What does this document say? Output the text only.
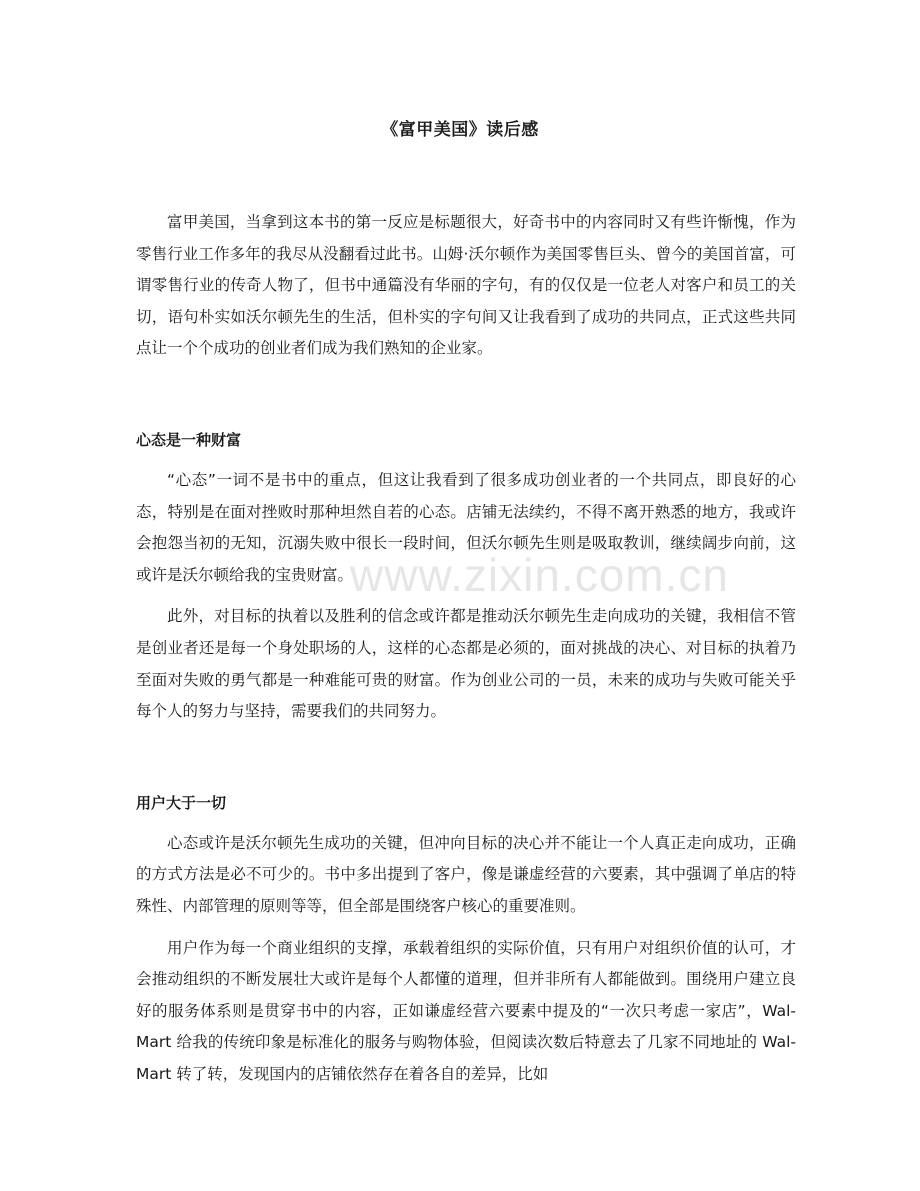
www.zixin.com.cn
《富甲美国》读后感

富甲美国，当拿到这本书的第一反应是标题很大，好奇书中的内容同时又有些许惭愧，作为零售行业工作多年的我尽从没翻看过此书。山姆·沃尔顿作为美国零售巨头、曾今的美国首富，可谓零售行业的传奇人物了，但书中通篇没有华丽的字句，有的仅仅是一位老人对客户和员工的关切，语句朴实如沃尔顿先生的生活，但朴实的字句间又让我看到了成功的共同点，正式这些共同点让一个个成功的创业者们成为我们熟知的企业家。

心态是一种财富

“心态”一词不是书中的重点，但这让我看到了很多成功创业者的一个共同点，即良好的心态，特别是在面对挫败时那种坦然自若的心态。店铺无法续约，不得不离开熟悉的地方，我或许会抱怨当初的无知，沉溺失败中很长一段时间，但沃尔顿先生则是吸取教训，继续阔步向前，这或许是沃尔顿给我的宝贵财富。

此外，对目标的执着以及胜利的信念或许都是推动沃尔顿先生走向成功的关键，我相信不管是创业者还是每一个身处职场的人，这样的心态都是必须的，面对挑战的决心、对目标的执着乃至面对失败的勇气都是一种难能可贵的财富。作为创业公司的一员，未来的成功与失败可能关乎每个人的努力与坚持，需要我们的共同努力。

用户大于一切

心态或许是沃尔顿先生成功的关键，但冲向目标的决心并不能让一个人真正走向成功，正确的方式方法是必不可少的。书中多出提到了客户，像是谦虚经营的六要素，其中强调了单店的特殊性、内部管理的原则等等，但全部是围绕客户核心的重要准则。

用户作为每一个商业组织的支撑，承载着组织的实际价值，只有用户对组织价值的认可，才会推动组织的不断发展壮大或许是每个人都懂的道理，但并非所有人都能做到。围绕用户建立良好的服务体系则是贯穿书中的内容，正如谦虚经营六要素中提及的“一次只考虑一家店”，Wal-Mart 给我的传统印象是标准化的服务与购物体验，但阅读次数后特意去了几家不同地址的 Wal-Mart 转了转，发现国内的店铺依然存在着各自的差异，比如
